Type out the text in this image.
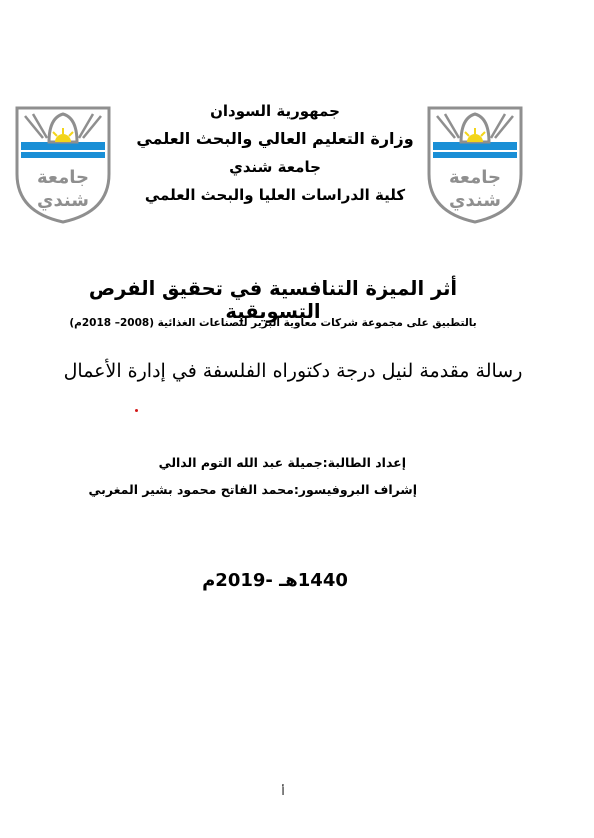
جامعة
شندي
جامعة
شندي
جمهورية السودان
وزارة التعليم العالي والبحث العلمي
جامعة شندي
كلية الدراسات العليا والبحث العلمي
أثر الميزة التنافسية في تحقيق الفرص التسويقية
بالتطبيق على مجموعة شركات معاوية البرير للصناعات الغذائية (2008– 2018م)
رسالة مقدمة لنيل درجة دكتوراه الفلسفة في إدارة الأعمال
إعداد الطالبة:جميلة عبد الله التوم الدالي
إشراف البروفيسور:محمد الفاتح محمود بشير المغربي
1440هـ -2019م
أ
